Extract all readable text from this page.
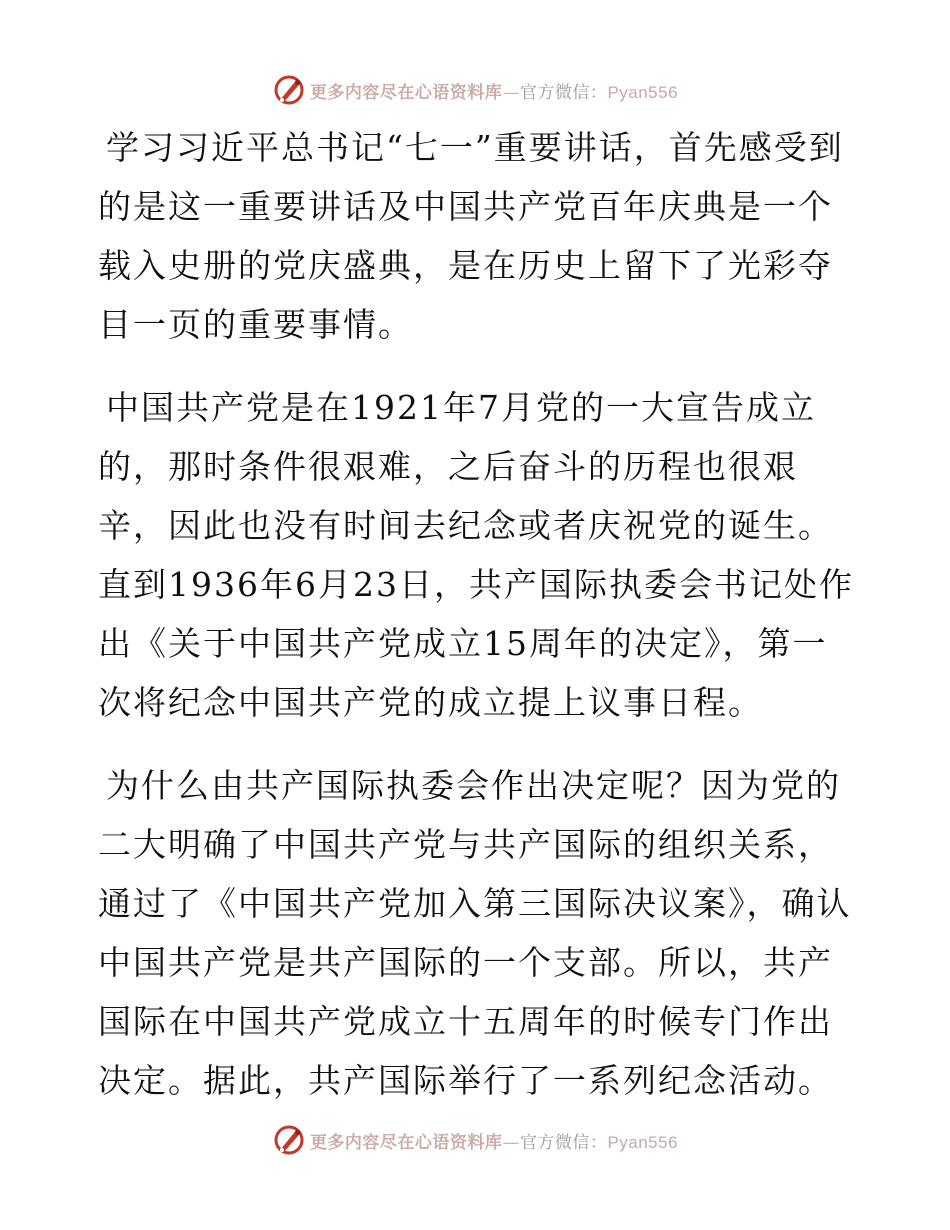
更多内容尽在心语资料库—官方微信：Pyan556

学习习近平总书记“七一”重要讲话，首先感受到的是这一重要讲话及中国共产党百年庆典是一个载入史册的党庆盛典，是在历史上留下了光彩夺目一页的重要事情。

中国共产党是在1921年7月党的一大宣告成立的，那时条件很艰难，之后奋斗的历程也很艰辛，因此也没有时间去纪念或者庆祝党的诞生。直到1936年6月23日，共产国际执委会书记处作出《关于中国共产党成立15周年的决定》，第一次将纪念中国共产党的成立提上议事日程。

为什么由共产国际执委会作出决定呢？因为党的二大明确了中国共产党与共产国际的组织关系，通过了《中国共产党加入第三国际决议案》，确认中国共产党是共产国际的一个支部。所以，共产国际在中国共产党成立十五周年的时候专门作出决定。据此，共产国际举行了一系列纪念活动。

更多内容尽在心语资料库—官方微信：Pyan556
